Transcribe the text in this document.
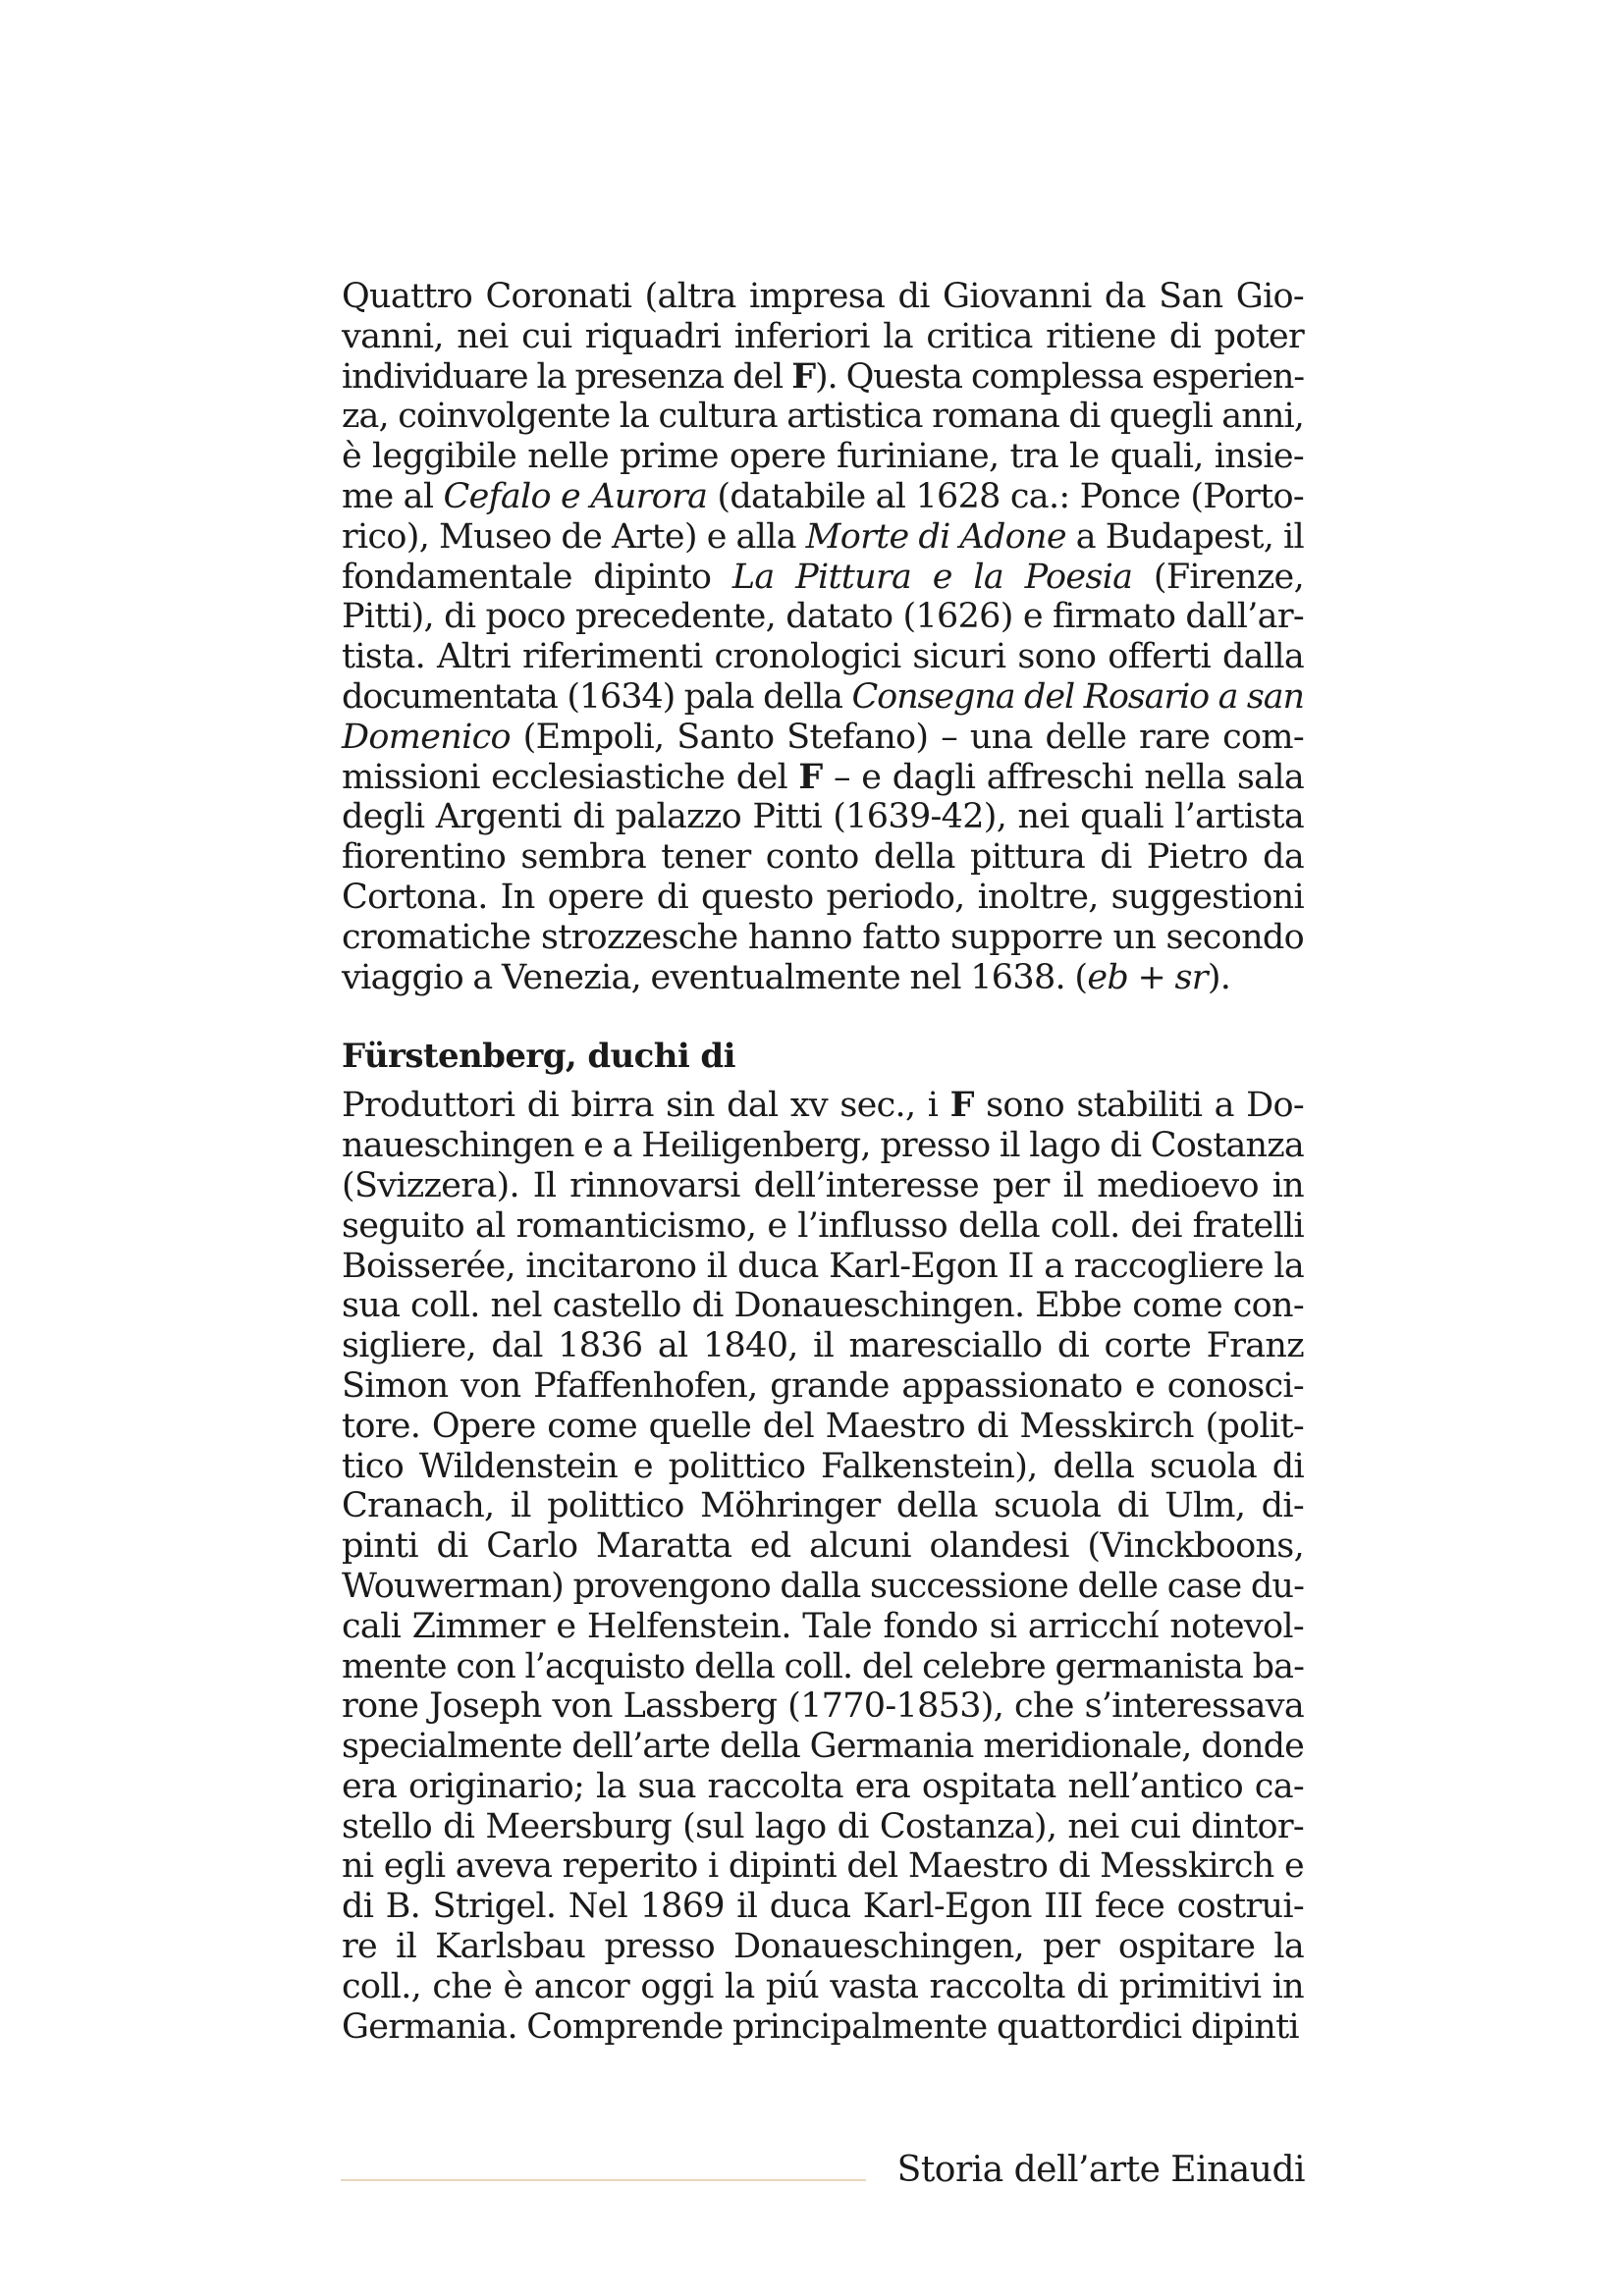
Quattro Coronati (altra impresa di Giovanni da San Gio-
vanni, nei cui riquadri inferiori la critica ritiene di poter
individuare la presenza del F). Questa complessa esperien-
za, coinvolgente la cultura artistica romana di quegli anni,
è leggibile nelle prime opere furiniane, tra le quali, insie-
me al Cefalo e Aurora (databile al 1628 ca.: Ponce (Porto-
rico), Museo de Arte) e alla Morte di Adone a Budapest, il
fondamentale dipinto La Pittura e la Poesia (Firenze,
Pitti), di poco precedente, datato (1626) e firmato dall’ar-
tista. Altri riferimenti cronologici sicuri sono offerti dalla
documentata (1634) pala della Consegna del Rosario a san
Domenico (Empoli, Santo Stefano) – una delle rare com-
missioni ecclesiastiche del F – e dagli affreschi nella sala
degli Argenti di palazzo Pitti (1639-42), nei quali l’artista
fiorentino sembra tener conto della pittura di Pietro da
Cortona. In opere di questo periodo, inoltre, suggestioni
cromatiche strozzesche hanno fatto supporre un secondo
viaggio a Venezia, eventualmente nel 1638. (eb + sr).
Fürstenberg, duchi di
Produttori di birra sin dal xv sec., i F sono stabiliti a Do-
naueschingen e a Heiligenberg, presso il lago di Costanza
(Svizzera). Il rinnovarsi dell’interesse per il medioevo in
seguito al romanticismo, e l’influsso della coll. dei fratelli
Boisserée, incitarono il duca Karl-Egon II a raccogliere la
sua coll. nel castello di Donaueschingen. Ebbe come con-
sigliere, dal 1836 al 1840, il maresciallo di corte Franz
Simon von Pfaffenhofen, grande appassionato e conosci-
tore. Opere come quelle del Maestro di Messkirch (polit-
tico Wildenstein e polittico Falkenstein), della scuola di
Cranach, il polittico Möhringer della scuola di Ulm, di-
pinti di Carlo Maratta ed alcuni olandesi (Vinckboons,
Wouwerman) provengono dalla successione delle case du-
cali Zimmer e Helfenstein. Tale fondo si arricchí notevol-
mente con l’acquisto della coll. del celebre germanista ba-
rone Joseph von Lassberg (1770-1853), che s’interessava
specialmente dell’arte della Germania meridionale, donde
era originario; la sua raccolta era ospitata nell’antico ca-
stello di Meersburg (sul lago di Costanza), nei cui dintor-
ni egli aveva reperito i dipinti del Maestro di Messkirch e
di B. Strigel. Nel 1869 il duca Karl-Egon III fece costrui-
re il Karlsbau presso Donaueschingen, per ospitare la
coll., che è ancor oggi la piú vasta raccolta di primitivi in
Germania. Comprende principalmente quattordici dipinti
Storia dell’arte Einaudi
